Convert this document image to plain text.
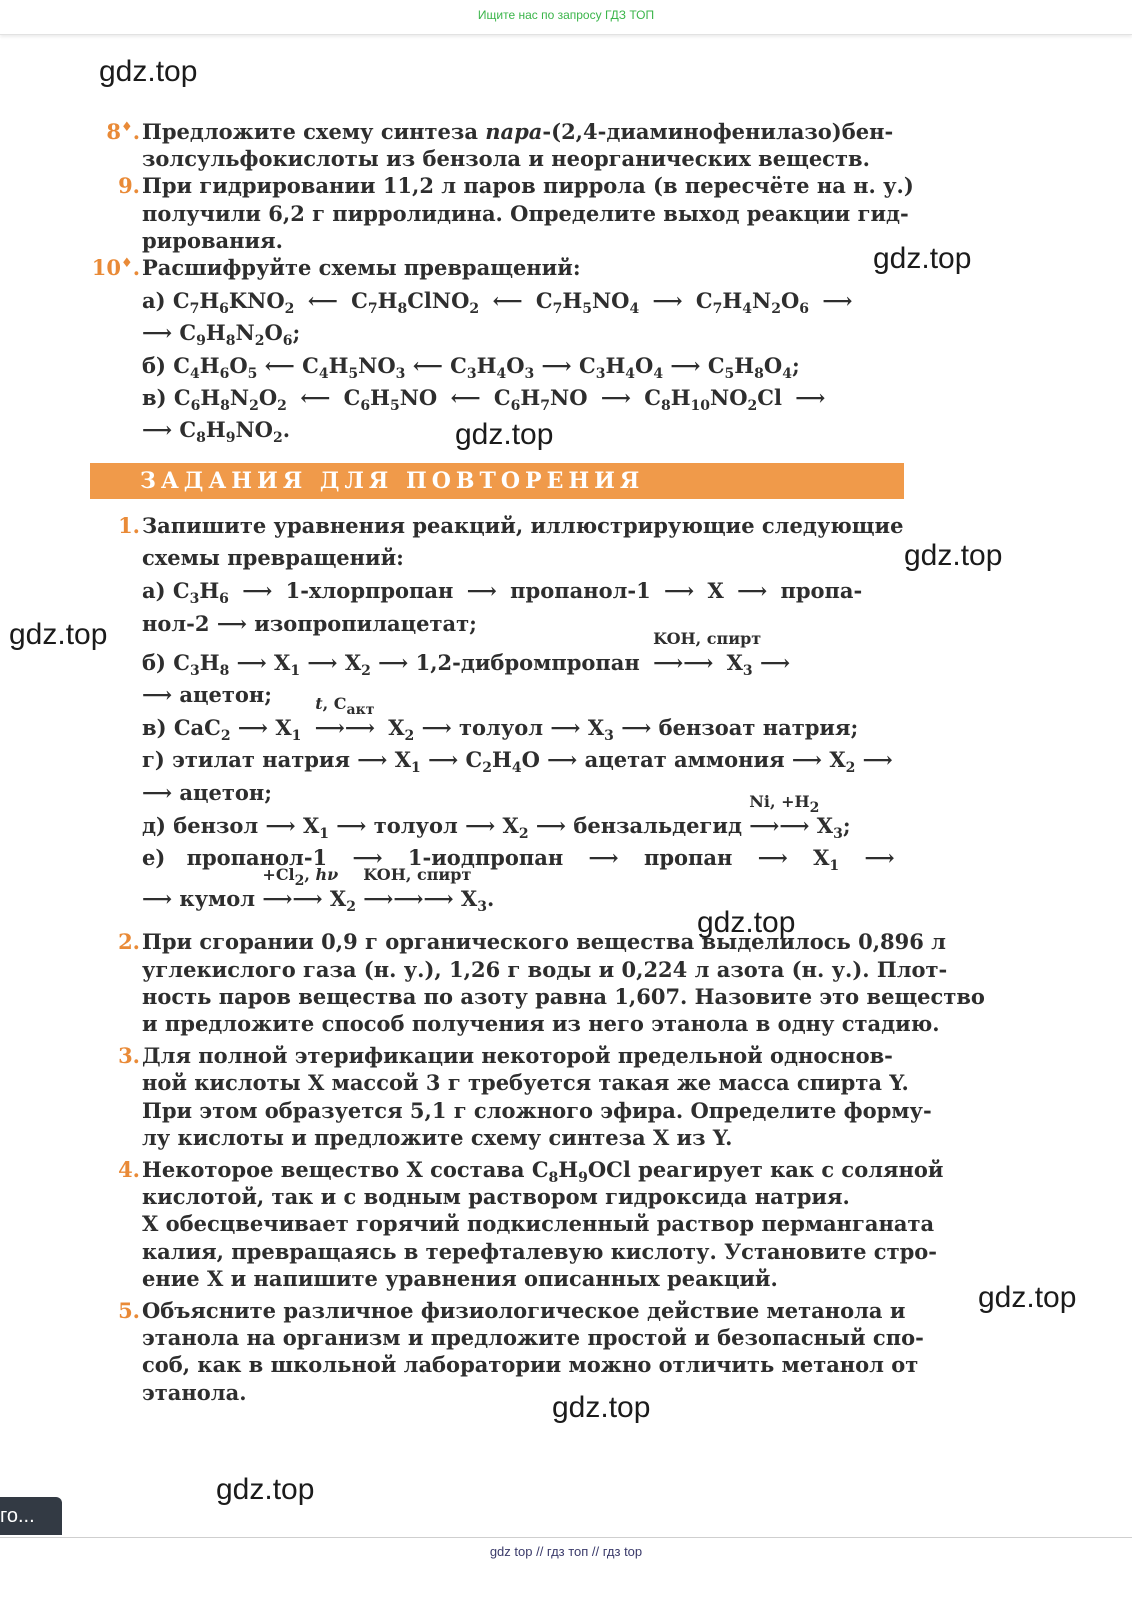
Ищите нас по запросу ГДЗ ТОП
gdz.top
gdz.top
gdz.top
gdz.top
gdz.top
gdz.top
gdz.top
gdz.top
gdz.top
8♦. Предложите схему синтеза пара-(2,4-диаминофенилазо)бен-
золсульфокислоты из бензола и неорганических веществ.
9. При гидрировании 11,2 л паров пиррола (в пересчёте на н. у.)
получили 6,2 г пирролидина. Определите выход реакции гид-
рирования.
10♦. Расшифруйте схемы превращений:
а) $C_7H_6KNO_2$ ⟵ $C_7H_8ClNO_2$ ⟵ $C_7H_5NO_4$ ⟶ $C_7H_4N_2O_6$ ⟶
⟶ $C_9H_8N_2O_6$;
б) $C_4H_6O_5$ ⟵ $C_4H_5NO_3$ ⟵ $C_3H_4O_3$ ⟶ $C_3H_4O_4$ ⟶ $C_5H_8O_4$;
в) $C_6H_8N_2O_2$ ⟵ $C_6H_5NO$ ⟵ $C_6H_7NO$ ⟶ $C_8H_{10}NO_2Cl$ ⟶
⟶ $C_8H_9NO_2$.
ЗАДАНИЯ ДЛЯ ПОВТОРЕНИЯ
1. Запишите уравнения реакций, иллюстрирующие следующие
схемы превращений:
а) $C_3H_6$ ⟶ 1-хлорпропан ⟶ пропанол-1 ⟶ X ⟶ пропа-
нол-2 ⟶ изопропилацетат;
б) $C_3H_8$ ⟶ $X_1$ ⟶ $X_2$ ⟶ 1,2-дибромпропан
KOH, спирт
⟶⟶ $X_3$ ⟶
⟶ ацетон;
в) CaC$_2$ ⟶ $X_1$
t, $C_{акт}$
⟶⟶ $X_2$ ⟶ толуол ⟶ $X_3$ ⟶ бензоат натрия;
г) этилат натрия ⟶ $X_1$ ⟶ $C_2H_4O$ ⟶ ацетат аммония ⟶ $X_2$ ⟶
⟶ ацетон;
д) бензол ⟶ $X_1$ ⟶ толуол ⟶ $X_2$ ⟶ бензальдегид
Ni, $+H_2$
⟶⟶ $X_3$;
е) пропанол-1 ⟶ 1-иодпропан ⟶ пропан ⟶ $X_1$ ⟶
⟶ кумол
$+Cl_2$, hν
⟶⟶ $X_2$
KOH, спирт
⟶⟶⟶ $X_3$.
2. При сгорании 0,9 г органического вещества выделилось 0,896 л
углекислого газа (н. у.), 1,26 г воды и 0,224 л азота (н. у.). Плот-
ность паров вещества по азоту равна 1,607. Назовите это вещество
и предложите способ получения из него этанола в одну стадию.
3. Для полной этерификации некоторой предельной односнов-
ной кислоты X массой 3 г требуется такая же масса спирта Y.
При этом образуется 5,1 г сложного эфира. Определите форму-
лу кислоты и предложите схему синтеза X из Y.
4. Некоторое вещество X состава $C_8H_9OCl$ реагирует как с соляной
кислотой, так и с водным раствором гидроксида натрия.
X обесцвечивает горячий подкисленный раствор перманганата
калия, превращаясь в терефталевую кислоту. Установите стро-
ение X и напишите уравнения описанных реакций.
5. Объясните различное физиологическое действие метанола и
этанола на организм и предложите простой и безопасный спо-
соб, как в школьной лаборатории можно отличить метанол от
этанола.
го...
gdz top // гдз топ // гдз top
